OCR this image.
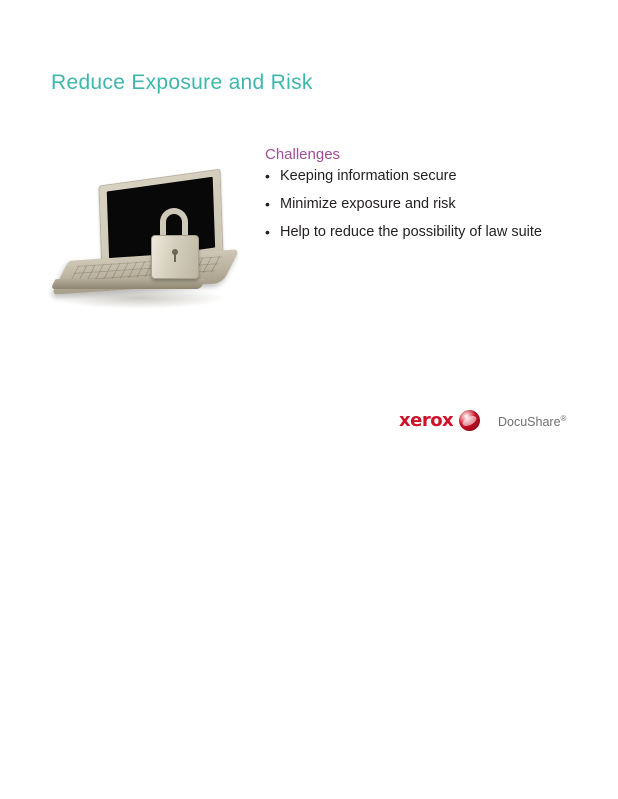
Reduce Exposure and Risk
Challenges
• Keeping information secure
• Minimize exposure and risk
• Help to reduce the possibility of law suite
xerox	DocuShare®
